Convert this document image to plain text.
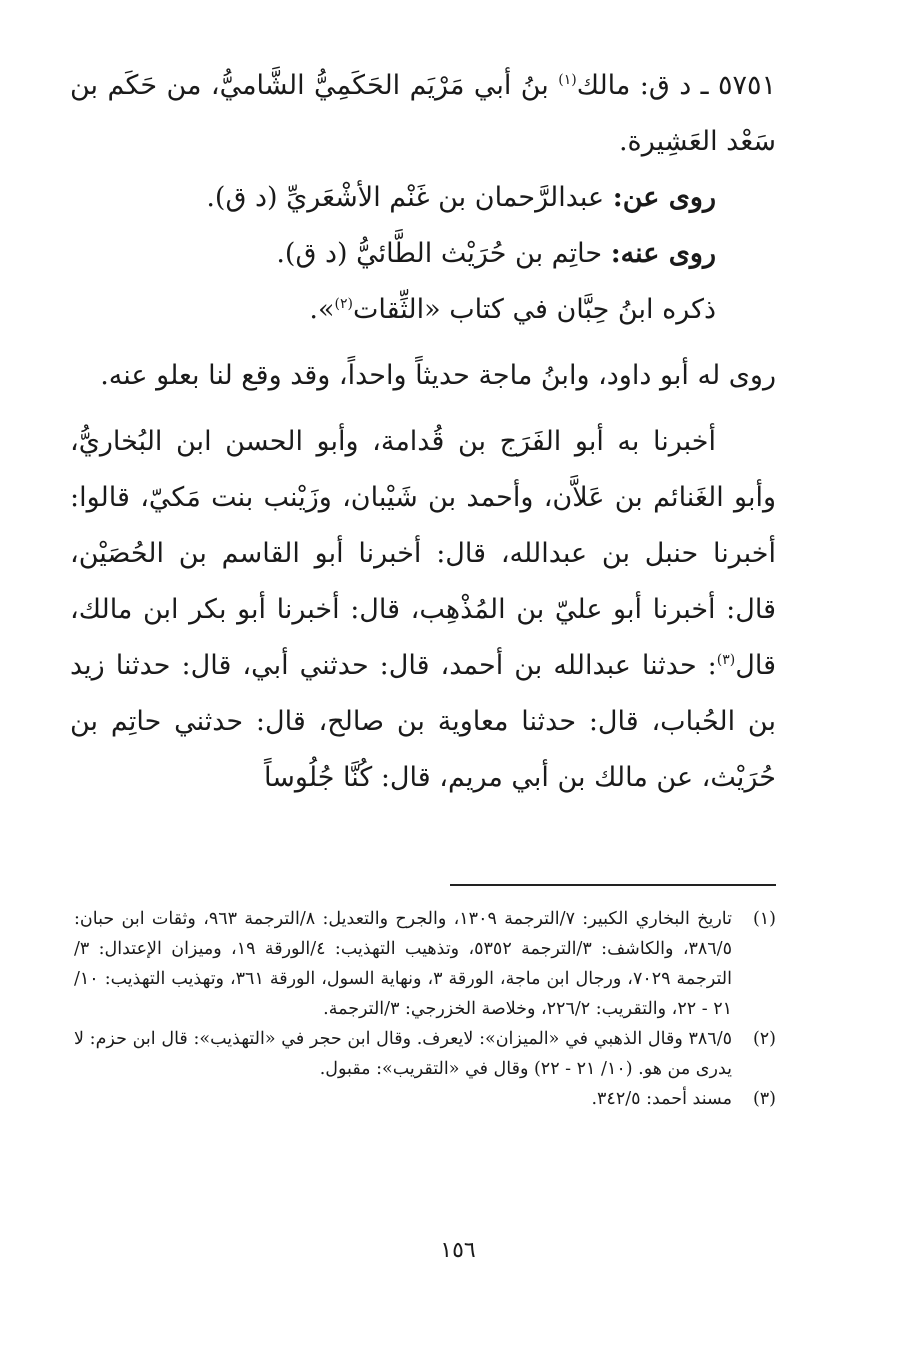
٥٧٥١ ـ د ق: مالك$^{(١)}$ بنُ أبي مَرْيَم الحَكَمِيُّ الشَّاميُّ، من حَكَم بن سَعْد العَشِيرة.

روى عن: عبدالرَّحمان بن غَنْم الأشْعَريِّ (د ق).

روى عنه: حاتِم بن حُرَيْث الطَّائيُّ (د ق).

ذكره ابنُ حِبَّان في كتاب «الثِّقات$^{(٢)}$».

روى له أبو داود، وابنُ ماجة حديثاً واحداً، وقد وقع لنا بعلو عنه.

أخبرنا به أبو الفَرَج بن قُدامة، وأبو الحسن ابن البُخاريُّ، وأبو الغَنائم بن عَلاَّن، وأحمد بن شَيْبان، وزَيْنب بنت مَكيّ، قالوا: أخبرنا حنبل بن عبدالله، قال: أخبرنا أبو القاسم بن الحُصَيْن، قال: أخبرنا أبو عليّ بن المُذْهِب، قال: أخبرنا أبو بكر ابن مالك، قال$^{(٣)}$: حدثنا عبدالله بن أحمد، قال: حدثني أبي، قال: حدثنا زيد بن الحُباب، قال: حدثنا معاوية بن صالح، قال: حدثني حاتِم بن حُرَيْث، عن مالك بن أبي مريم، قال: كُنَّا جُلُوساً

(١)
تاريخ البخاري الكبير: ٧/الترجمة ١٣٠٩، والجرح والتعديل: ٨/الترجمة ٩٦٣، وثقات ابن حبان: ٣٨٦/٥، والكاشف: ٣/الترجمة ٥٣٥٢، وتذهيب التهذيب: ٤/الورقة ١٩، وميزان الإعتدال: ٣/الترجمة ٧٠٢٩، ورجال ابن ماجة، الورقة ٣، ونهاية السول، الورقة ٣٦١، وتهذيب التهذيب: ١٠/ ٢١ - ٢٢، والتقريب: ٢٢٦/٢، وخلاصة الخزرجي: ٣/الترجمة.
(٢)
٣٨٦/٥ وقال الذهبي في «الميزان»: لايعرف. وقال ابن حجر في «التهذيب»: قال ابن حزم: لا يدرى من هو. (١٠/ ٢١ - ٢٢) وقال في «التقريب»: مقبول.
(٣)
مسند أحمد: ٣٤٢/٥.
١٥٦
